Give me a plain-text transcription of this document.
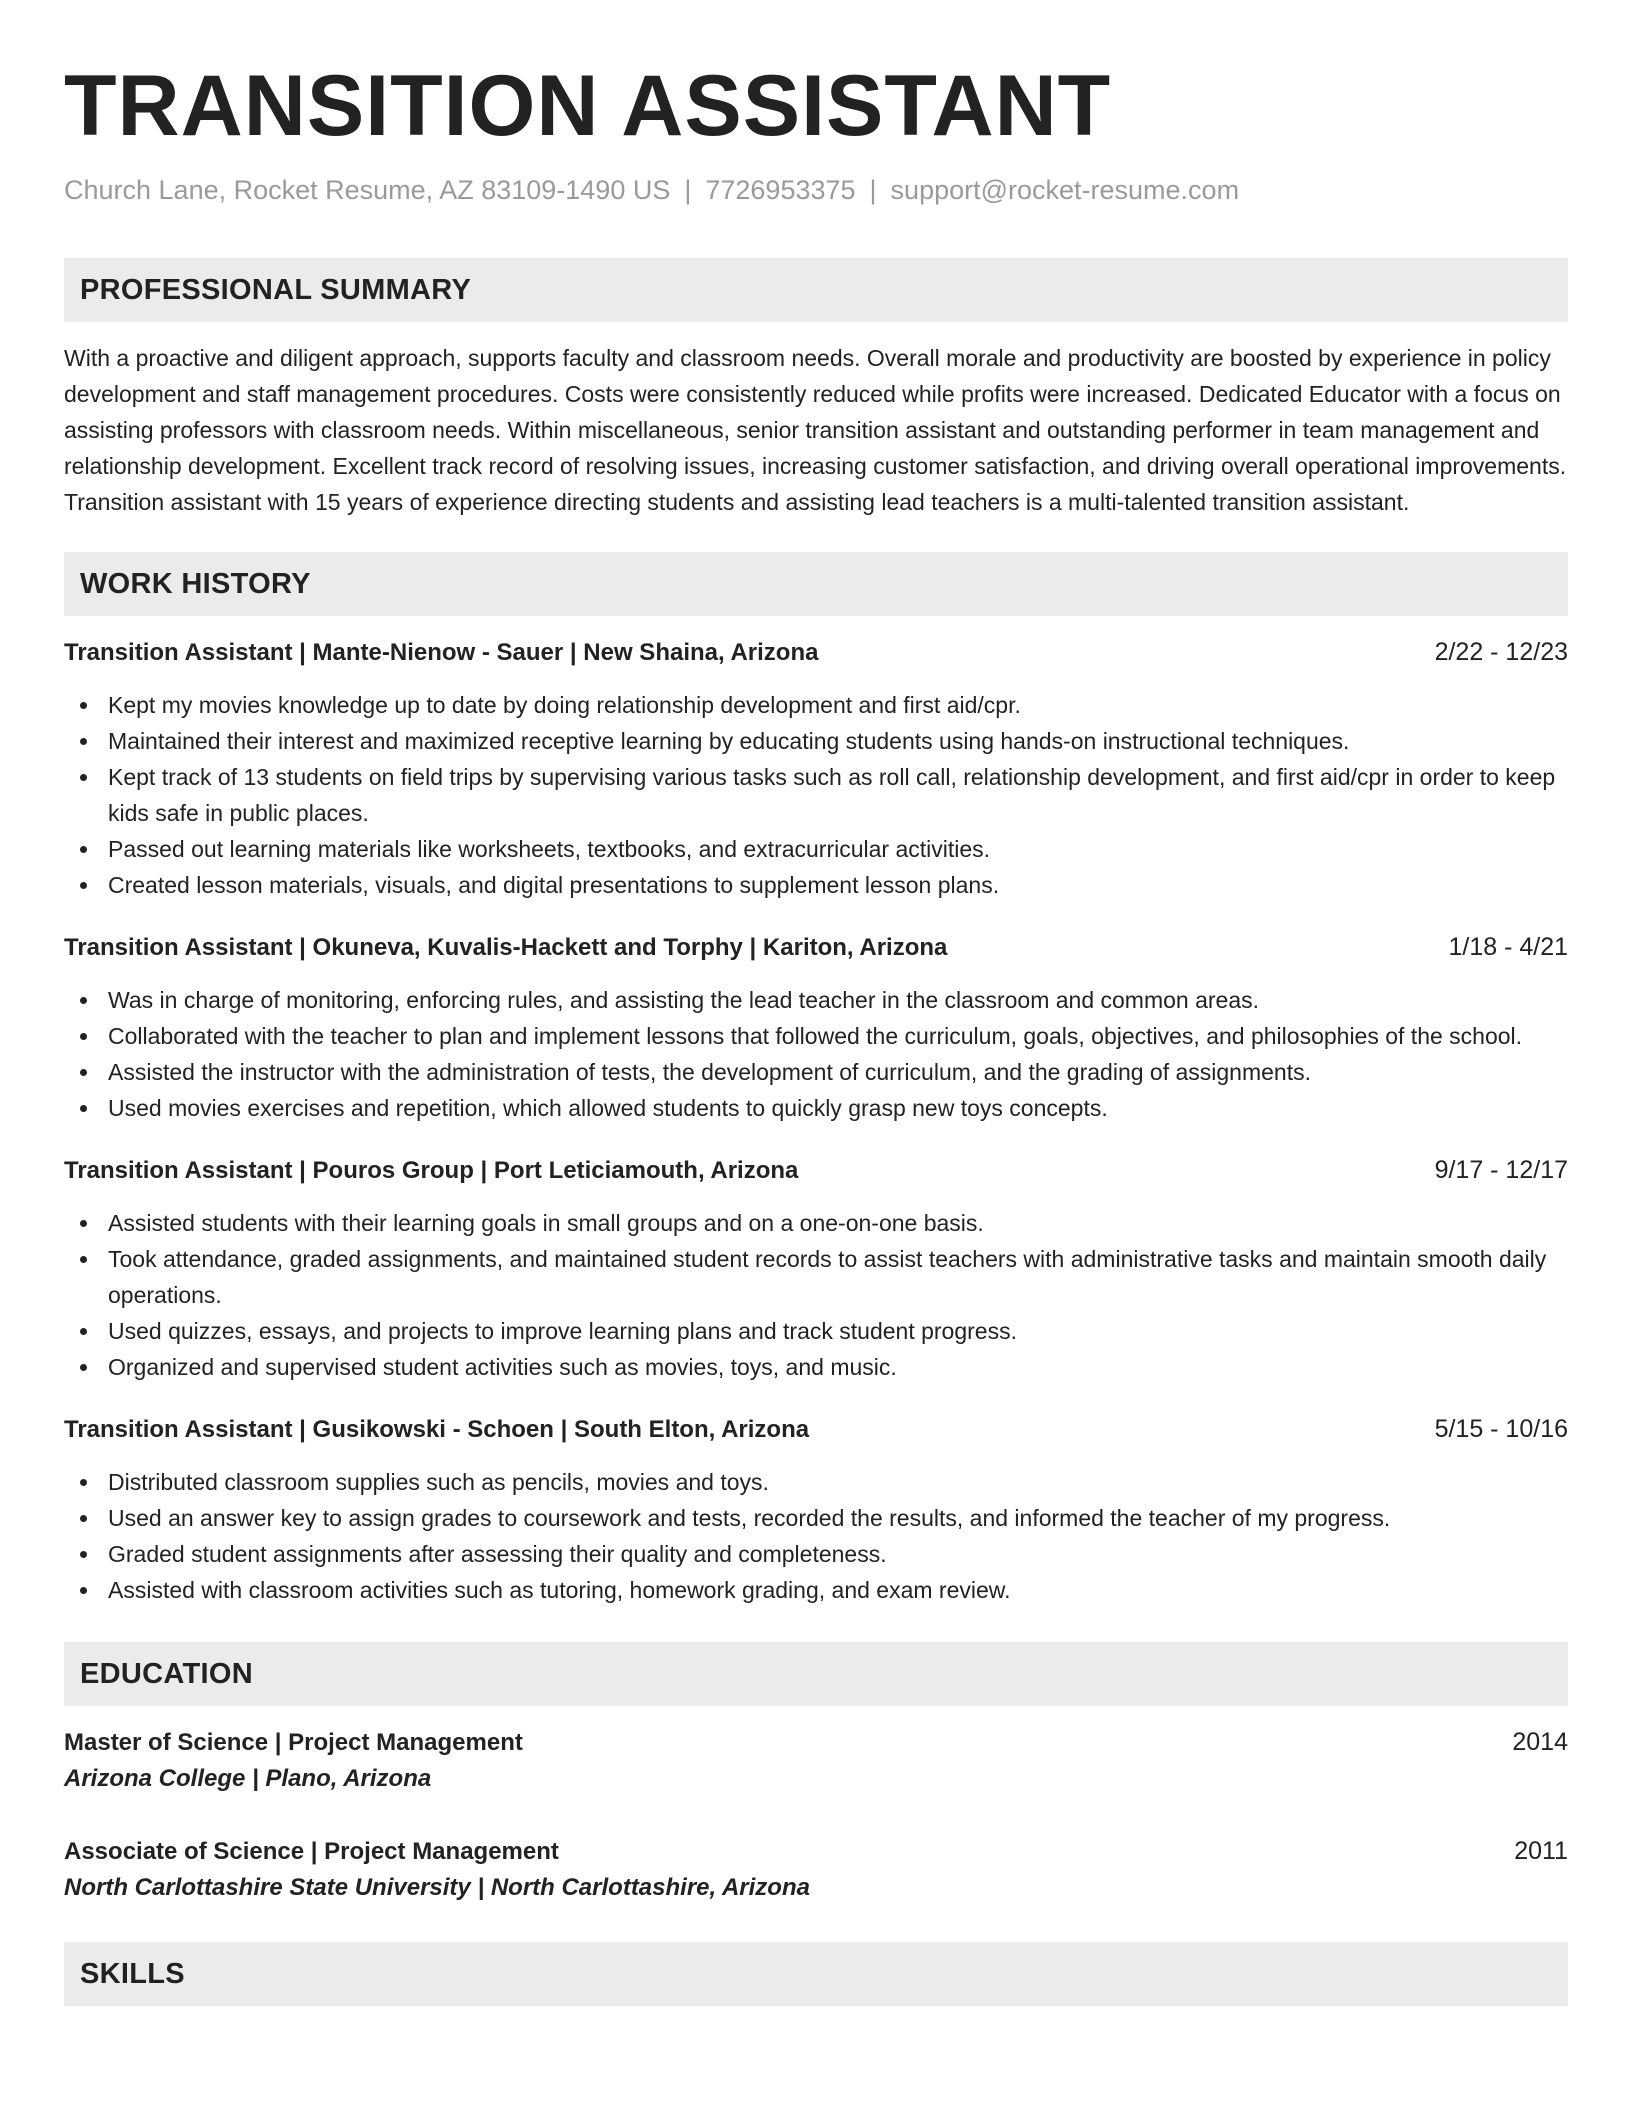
TRANSITION ASSISTANT
Church Lane, Rocket Resume, AZ 83109-1490 US | 7726953375 | support@rocket-resume.com
PROFESSIONAL SUMMARY
With a proactive and diligent approach, supports faculty and classroom needs. Overall morale and productivity are boosted by experience in policy development and staff management procedures. Costs were consistently reduced while profits were increased. Dedicated Educator with a focus on assisting professors with classroom needs. Within miscellaneous, senior transition assistant and outstanding performer in team management and relationship development. Excellent track record of resolving issues, increasing customer satisfaction, and driving overall operational improvements. Transition assistant with 15 years of experience directing students and assisting lead teachers is a multi-talented transition assistant.
WORK HISTORY
Transition Assistant | Mante-Nienow - Sauer | New Shaina, Arizona	2/22 - 12/23
Kept my movies knowledge up to date by doing relationship development and first aid/cpr.
Maintained their interest and maximized receptive learning by educating students using hands-on instructional techniques.
Kept track of 13 students on field trips by supervising various tasks such as roll call, relationship development, and first aid/cpr in order to keep kids safe in public places.
Passed out learning materials like worksheets, textbooks, and extracurricular activities.
Created lesson materials, visuals, and digital presentations to supplement lesson plans.
Transition Assistant | Okuneva, Kuvalis-Hackett and Torphy | Kariton, Arizona	1/18 - 4/21
Was in charge of monitoring, enforcing rules, and assisting the lead teacher in the classroom and common areas.
Collaborated with the teacher to plan and implement lessons that followed the curriculum, goals, objectives, and philosophies of the school.
Assisted the instructor with the administration of tests, the development of curriculum, and the grading of assignments.
Used movies exercises and repetition, which allowed students to quickly grasp new toys concepts.
Transition Assistant | Pouros Group | Port Leticiamouth, Arizona	9/17 - 12/17
Assisted students with their learning goals in small groups and on a one-on-one basis.
Took attendance, graded assignments, and maintained student records to assist teachers with administrative tasks and maintain smooth daily operations.
Used quizzes, essays, and projects to improve learning plans and track student progress.
Organized and supervised student activities such as movies, toys, and music.
Transition Assistant | Gusikowski - Schoen | South Elton, Arizona	5/15 - 10/16
Distributed classroom supplies such as pencils, movies and toys.
Used an answer key to assign grades to coursework and tests, recorded the results, and informed the teacher of my progress.
Graded student assignments after assessing their quality and completeness.
Assisted with classroom activities such as tutoring, homework grading, and exam review.
EDUCATION
Master of Science | Project Management	2014
Arizona College | Plano, Arizona
Associate of Science | Project Management	2011
North Carlottashire State University | North Carlottashire, Arizona
SKILLS
